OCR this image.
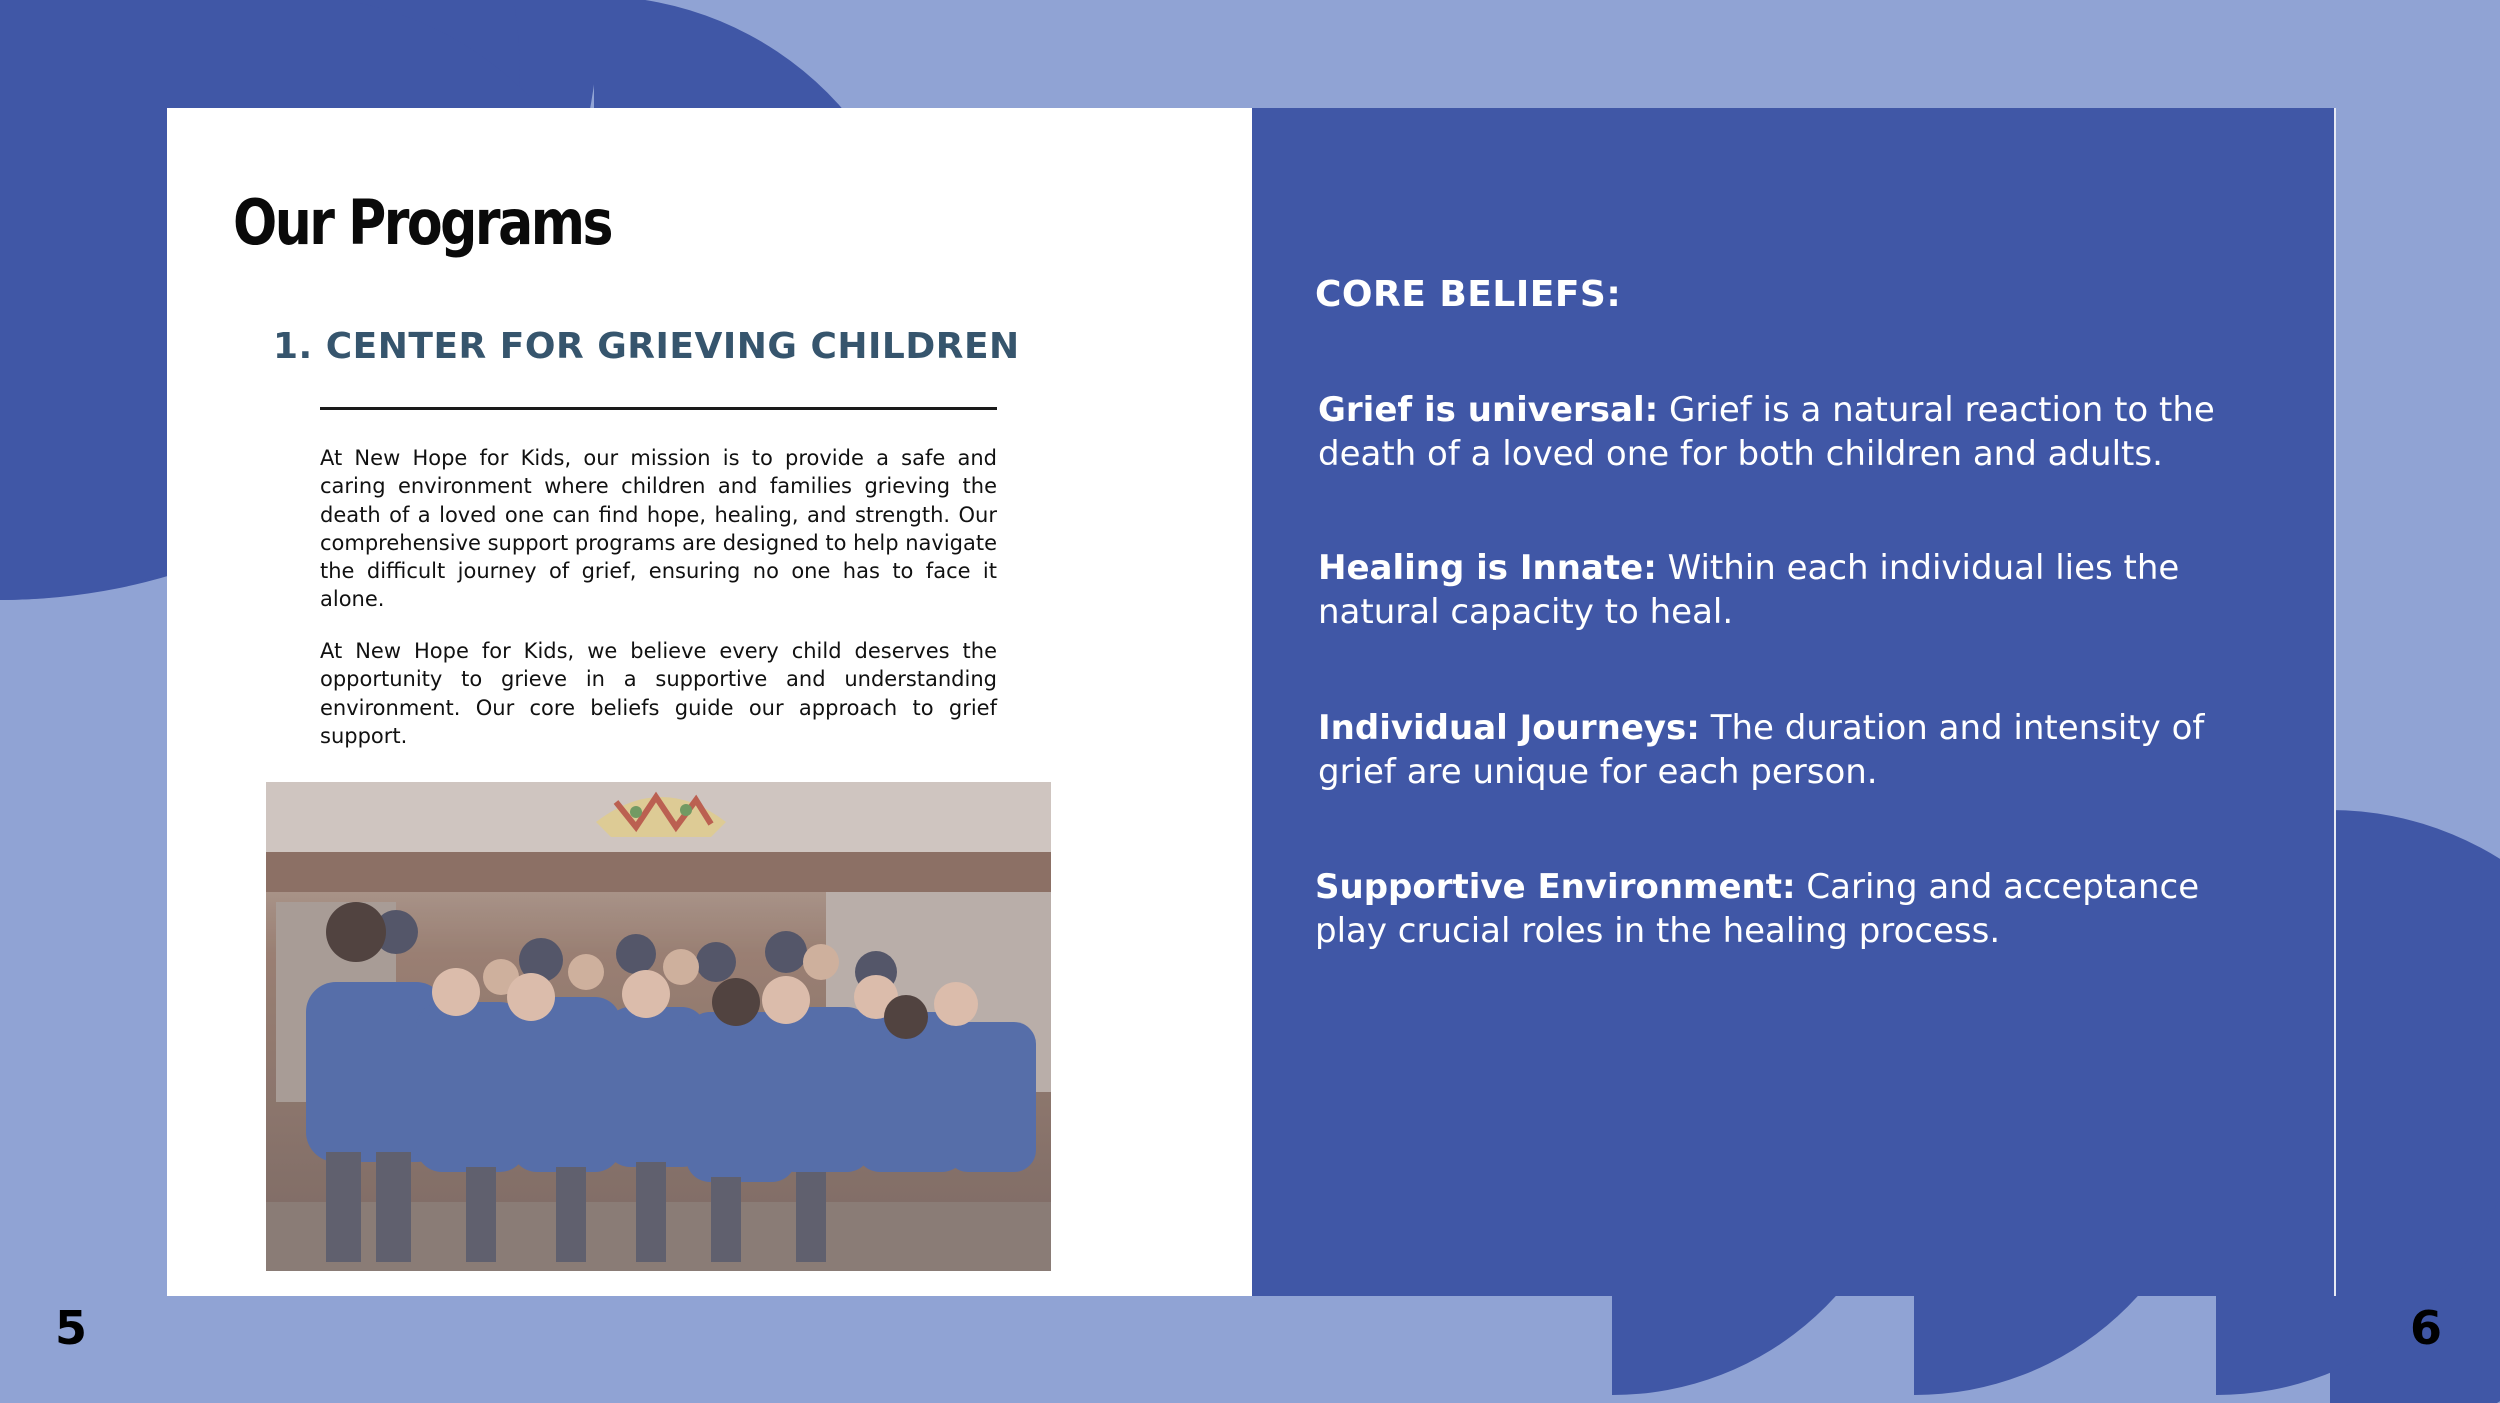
Our Programs
1. CENTER FOR GRIEVING CHILDREN

At New Hope for Kids, our mission is to provide a safe and caring environment where children and families grieving the death of a loved one can find hope, healing, and strength. Our comprehensive support programs are designed to help navigate the difficult journey of grief, ensuring no one has to face it alone.

At New Hope for Kids, we believe every child deserves the opportunity to grieve in a supportive and understanding environment. Our core beliefs guide our approach to grief support.

CORE BELIEFS:

Grief is universal: Grief is a natural reaction to the death of a loved one for both children and adults.

Healing is Innate: Within each individual lies the natural capacity to heal.

Individual Journeys: The duration and intensity of grief are unique for each person.

Supportive Environment: Caring and acceptance play crucial roles in the healing process.

5	6
